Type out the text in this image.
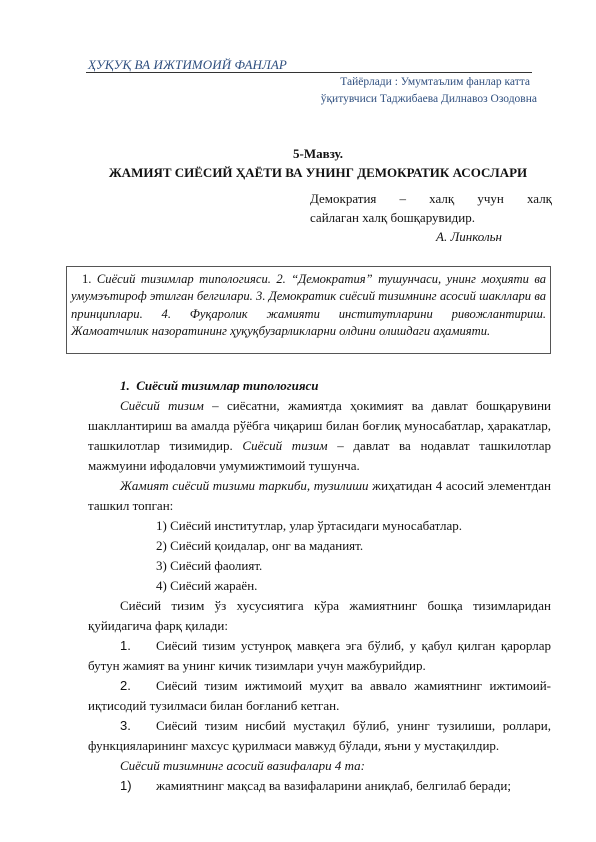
ҲУҚУҚ ВА ИЖТИМОИЙ ФАНЛАР
Тайёрлади : Умумтаълим фанлар катта
ўқитувчиси Таджибаева Дилнавоз Озодовна
5-Мавзу.
ЖАМИЯТ СИЁСИЙ ҲАЁТИ ВА УНИНГ ДЕМОКРАТИК АСОСЛАРИ
Демократия – халқ учун халқ
сайлаган халқ бошқарувидир.
А. Линкольн
1. Сиёсий тизимлар типологияси. 2. “Демократия” тушунчаси, унинг моҳияти ва умумэътироф этилган белгилари. 3. Демократик сиёсий тизимнинг асосий шакллари ва принциплари. 4. Фуқаролик жамияти институтларини ривожлантириш. Жамоатчилик назоратининг ҳуқуқбузарликларни олдини олишдаги аҳамияти.

1. Сиёсий тизимлар типологияси

Сиёсий тизим – сиёсатни, жамиятда ҳокимият ва давлат бошқарувини шакллантириш ва амалда рўёбга чиқариш билан боғлиқ муносабатлар, ҳаракатлар, ташкилотлар тизимидир. Сиёсий тизим – давлат ва нодавлат ташкилотлар мажмуини ифодаловчи умумижтимоий тушунча.

Жамият сиёсий тизими таркиби, тузилиши жиҳатидан 4 асосий элементдан ташкил топган:

1) Сиёсий институтлар, улар ўртасидаги муносабатлар.

2) Сиёсий қоидалар, онг ва маданият.

3) Сиёсий фаолият.

4) Сиёсий жараён.

Сиёсий тизим ўз хусусиятига кўра жамиятнинг бошқа тизимларидан қуйидагича фарқ қилади:

1. Сиёсий тизим устунроқ мавқега эга бўлиб, у қабул қилган қарорлар бутун жамият ва унинг кичик тизимлари учун мажбурийдир.

2. Сиёсий тизим ижтимоий муҳит ва аввало жамиятнинг ижтимоий-иқтисодий тузилмаси билан боғланиб кетган.

3. Сиёсий тизим нисбий мустақил бўлиб, унинг тузилиши, роллари, функцияларининг махсус қурилмаси мавжуд бўлади, яъни у мустақилдир.

Сиёсий тизимнинг асосий вазифалари 4 та:

1) жамиятнинг мақсад ва вазифаларини аниқлаб, белгилаб беради;
